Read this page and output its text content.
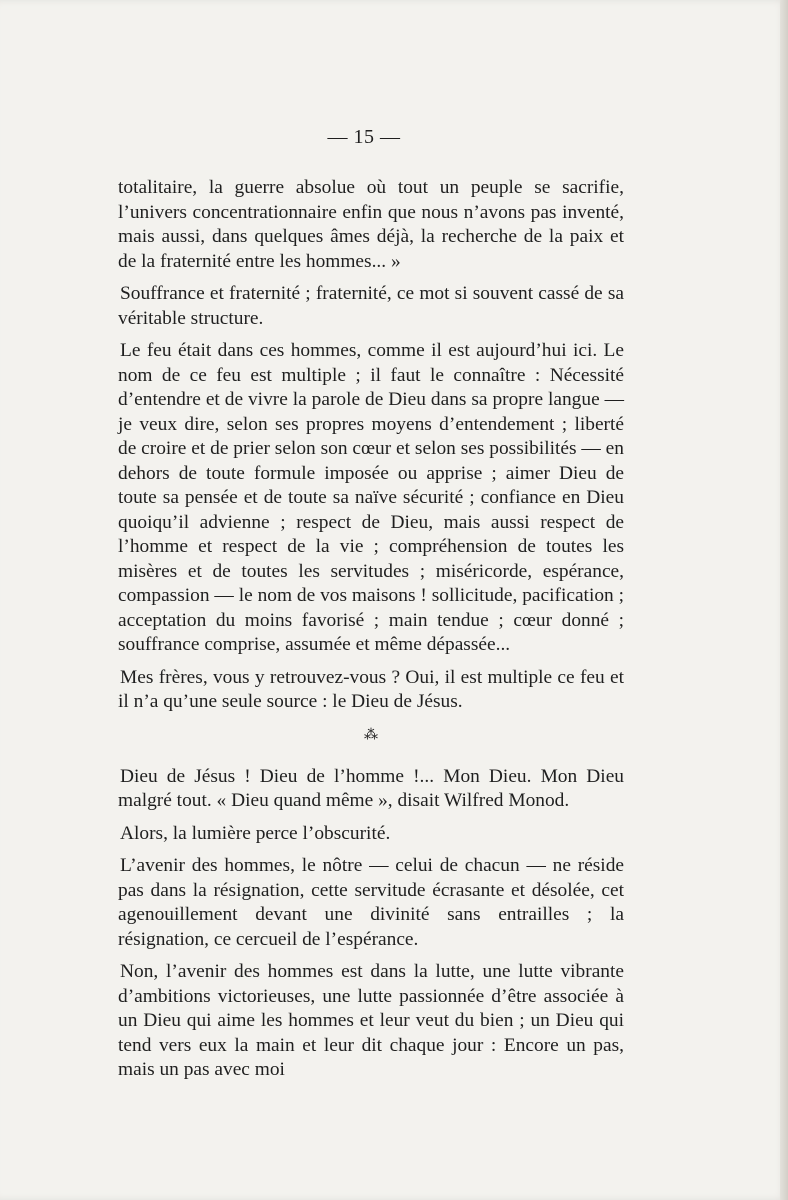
— 15 —

totalitaire, la guerre absolue où tout un peuple se sacrifie, l’univers concentrationnaire enfin que nous n’avons pas inventé, mais aussi, dans quelques âmes déjà, la recherche de la paix et de la fraternité entre les hommes... »

Souffrance et fraternité ; fraternité, ce mot si souvent cassé de sa véritable structure.

Le feu était dans ces hommes, comme il est aujourd’hui ici. Le nom de ce feu est multiple ; il faut le connaître : Nécessité d’entendre et de vivre la parole de Dieu dans sa propre langue — je veux dire, selon ses propres moyens d’entendement ; liberté de croire et de prier selon son cœur et selon ses possibilités — en dehors de toute formule imposée ou apprise ; aimer Dieu de toute sa pensée et de toute sa naïve sécurité ; confiance en Dieu quoiqu’il advienne ; respect de Dieu, mais aussi respect de l’homme et respect de la vie ; compréhension de toutes les misères et de toutes les servitudes ; miséricorde, espérance, compassion — le nom de vos maisons ! sollicitude, pacification ; acceptation du moins favorisé ; main tendue ; cœur donné ; souffrance comprise, assumée et même dépassée...

Mes frères, vous y retrouvez-vous ? Oui, il est multiple ce feu et il n’a qu’une seule source : le Dieu de Jésus.

⁂

Dieu de Jésus ! Dieu de l’homme !... Mon Dieu. Mon Dieu malgré tout. « Dieu quand même », disait Wilfred Monod.

Alors, la lumière perce l’obscurité.

L’avenir des hommes, le nôtre — celui de chacun — ne réside pas dans la résignation, cette servitude écrasante et désolée, cet agenouillement devant une divinité sans entrailles ; la résignation, ce cercueil de l’espérance.

Non, l’avenir des hommes est dans la lutte, une lutte vibrante d’ambitions victorieuses, une lutte passionnée d’être associée à un Dieu qui aime les hommes et leur veut du bien ; un Dieu qui tend vers eux la main et leur dit chaque jour : Encore un pas, mais un pas avec moi
